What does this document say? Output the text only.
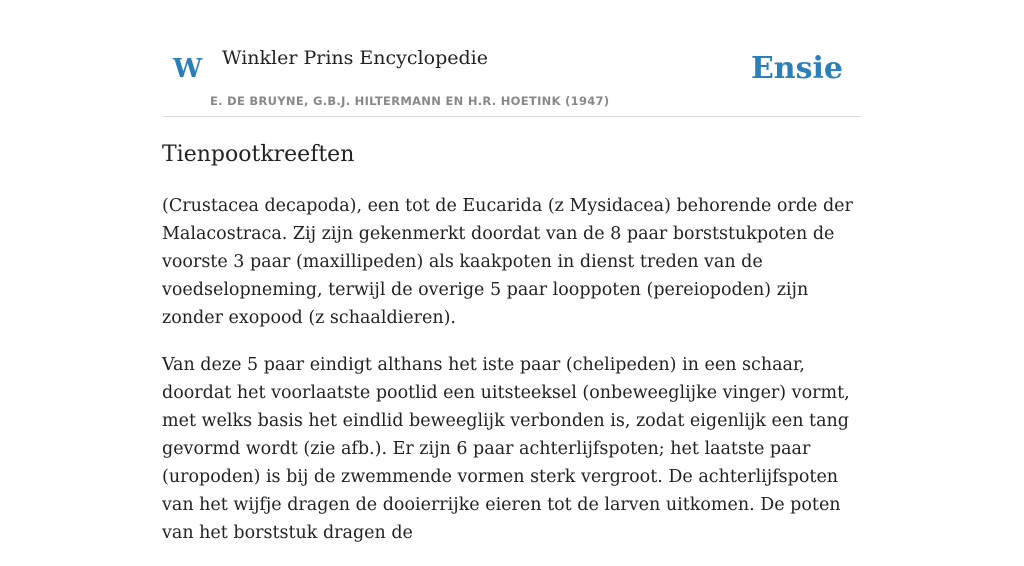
W Winkler Prins Encyclopedie
E. DE BRUYNE, G.B.J. HILTERMANN EN H.R. HOETINK (1947)
Ensie
Tienpootkreeften

(Crustacea decapoda), een tot de Eucarida (z Mysidacea) behorende orde der Malacostraca. Zij zijn gekenmerkt doordat van de 8 paar borststukpoten de voorste 3 paar (maxillipeden) als kaakpoten in dienst treden van de voedselopneming, terwijl de overige 5 paar looppoten (pereiopoden) zijn zonder exopood (z schaaldieren).

Van deze 5 paar eindigt althans het iste paar (chelipeden) in een schaar, doordat het voorlaatste pootlid een uitsteeksel (onbeweeglijke vinger) vormt, met welks basis het eindlid beweeglijk verbonden is, zodat eigenlijk een tang gevormd wordt (zie afb.). Er zijn 6 paar achterlijfspoten; het laatste paar (uropoden) is bij de zwemmende vormen sterk vergroot. De achterlijfspoten van het wijfje dragen de dooierrijke eieren tot de larven uitkomen. De poten van het borststuk dragen de
